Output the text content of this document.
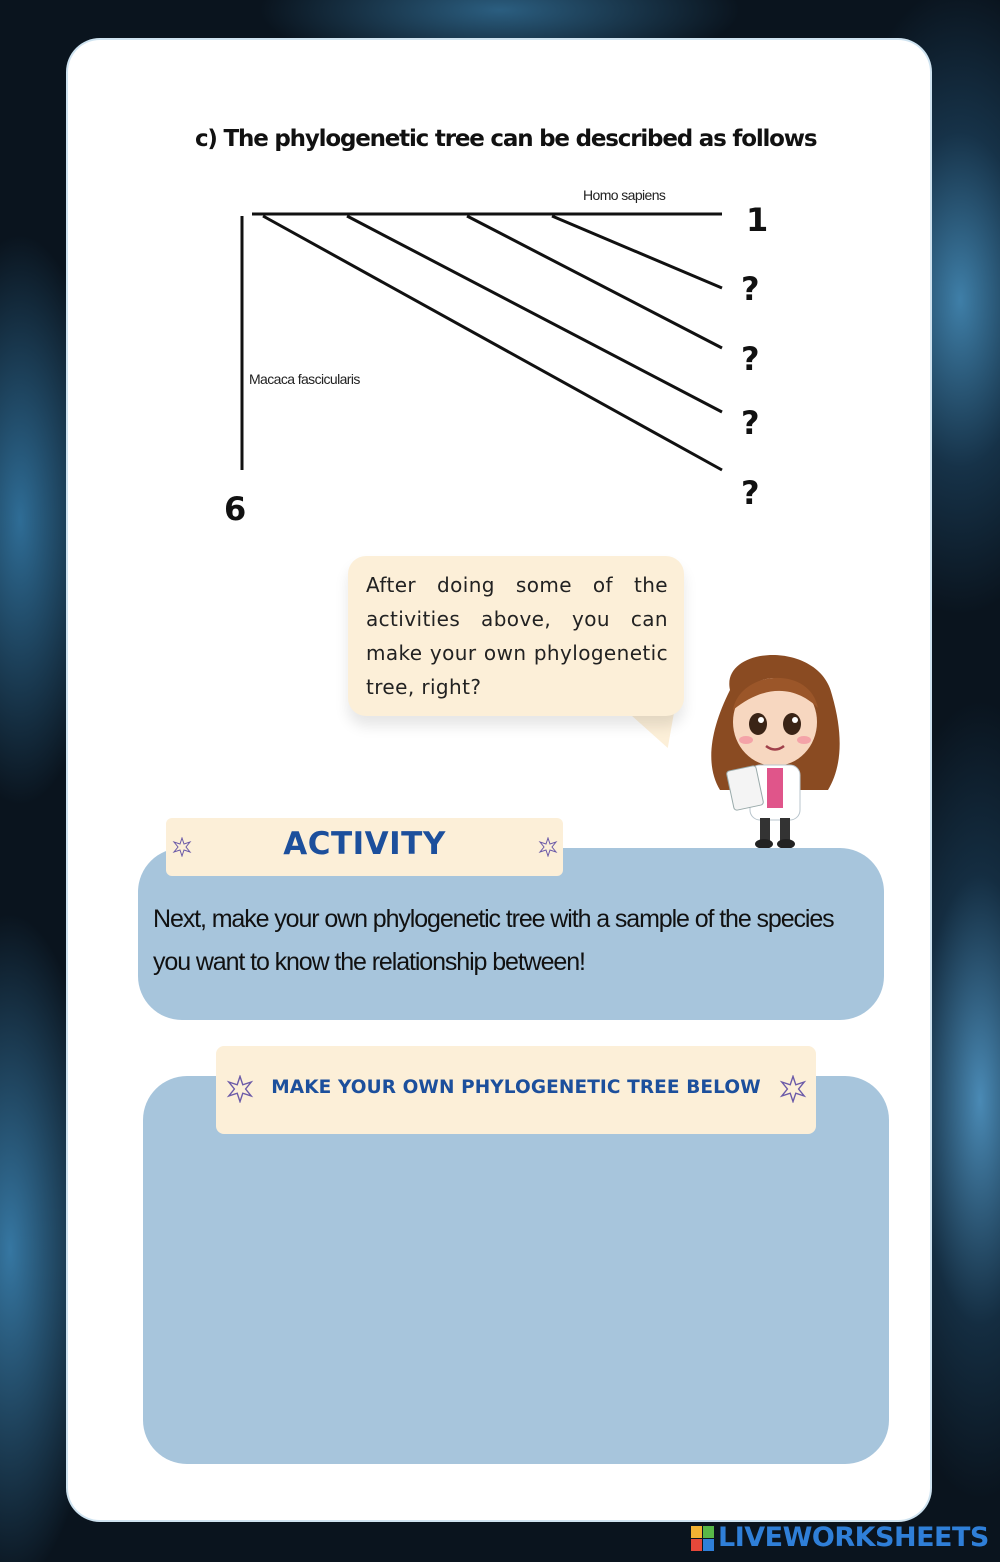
c) The phylogenetic tree can be described as follows
Homo sapiens
Macaca fascicularis
1
?
?
?
?
6
After doing some of the activities above, you can make your own phylogenetic tree, right?
ACTIVITY
Next, make your own phylogenetic tree with a sample of the species you want to know the relationship between!
MAKE YOUR OWN PHYLOGENETIC TREE BELOW
LIVEWORKSHEETS
